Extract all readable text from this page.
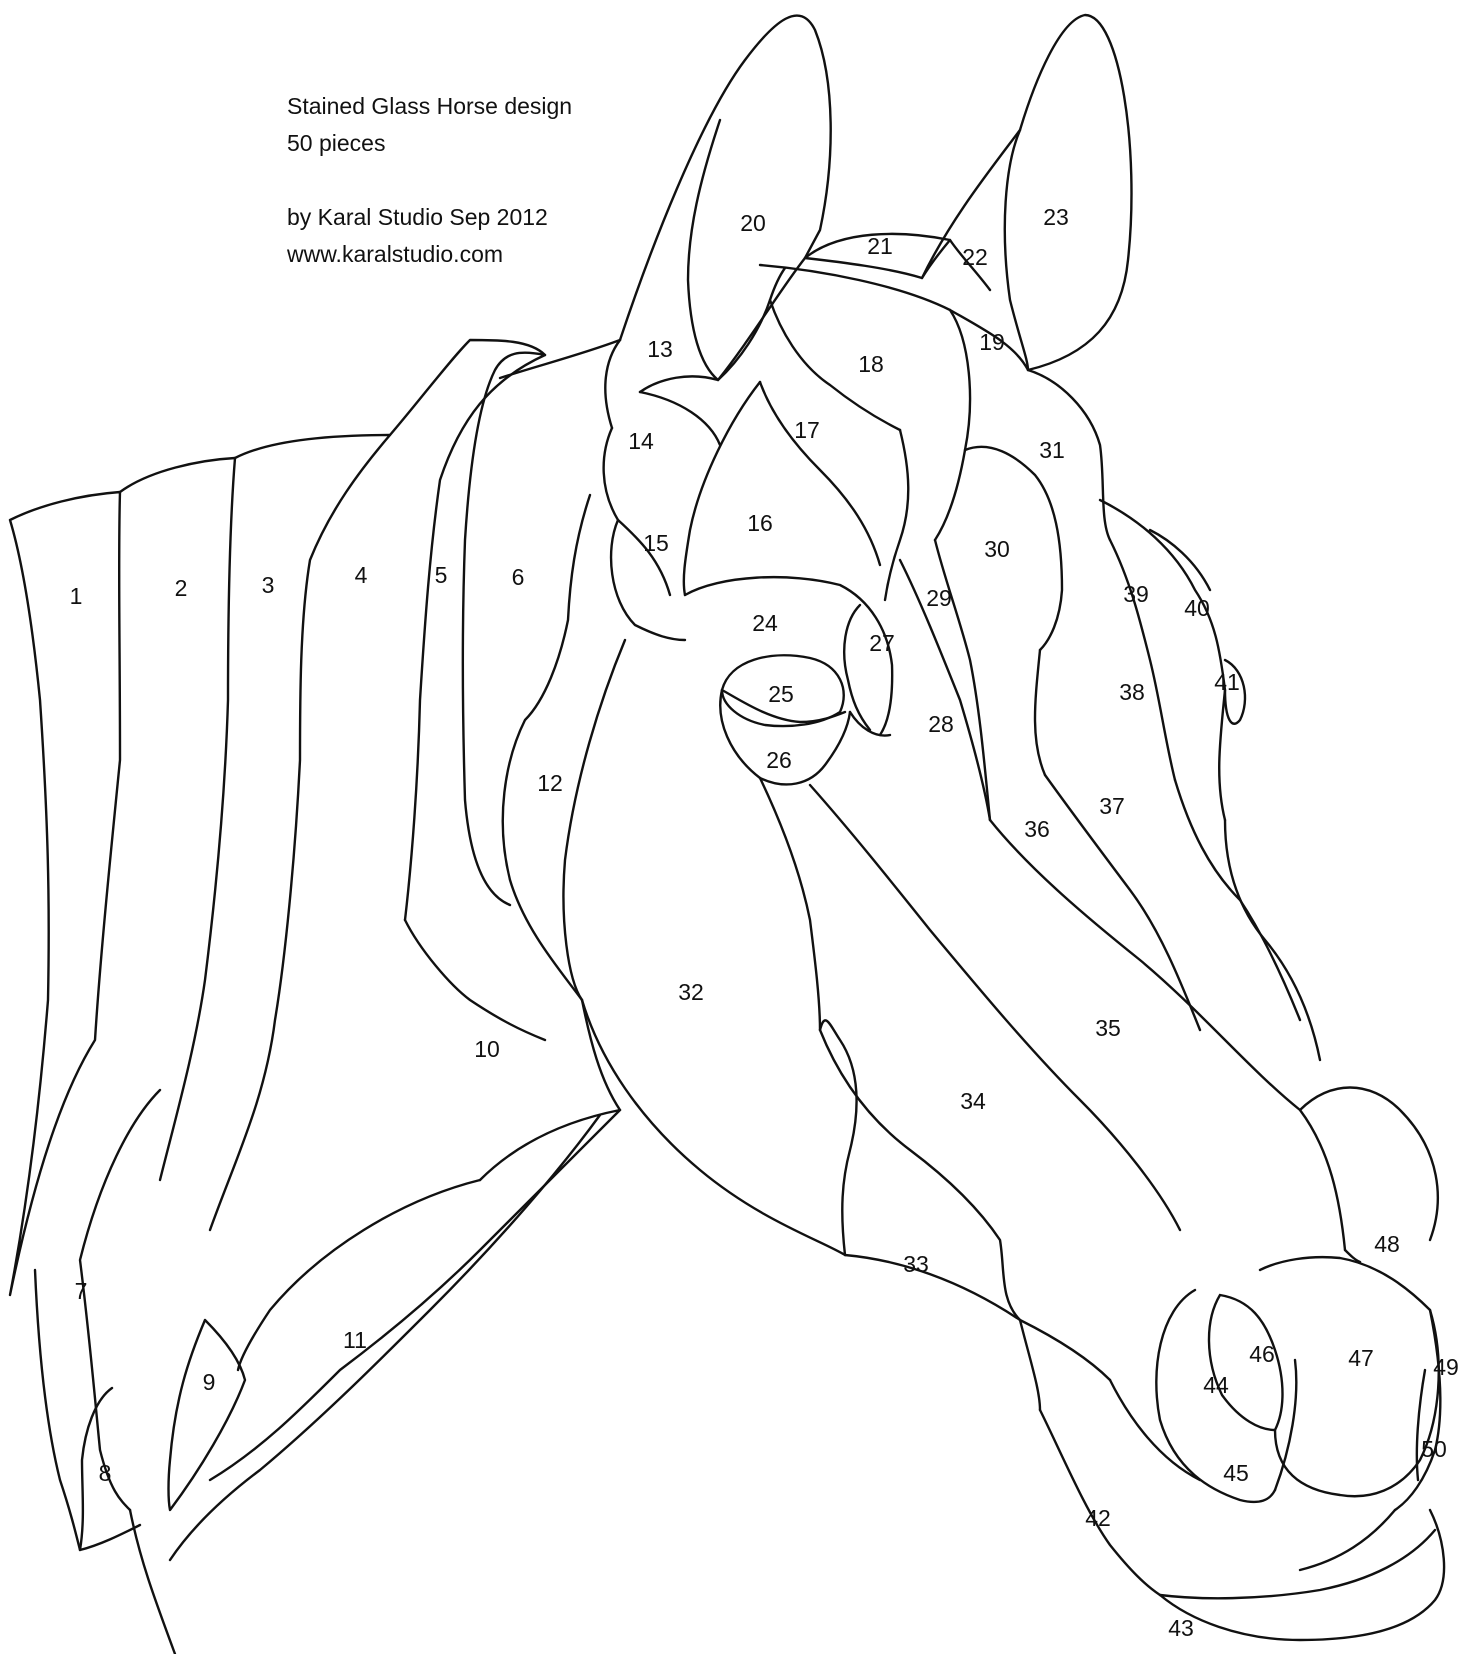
Stained Glass Horse design
50 pieces
by Karal Studio Sep 2012
www.karalstudio.com
1	2	3	4	5	6
7
8
9
10
11
12
13
14
15
16
17
18
19
20
21	22
23
24
25
26
27
28
29
30
31
32
33
34
35
36
37
38
39
40
41
42
43
44
45
46	47
48
49
50
